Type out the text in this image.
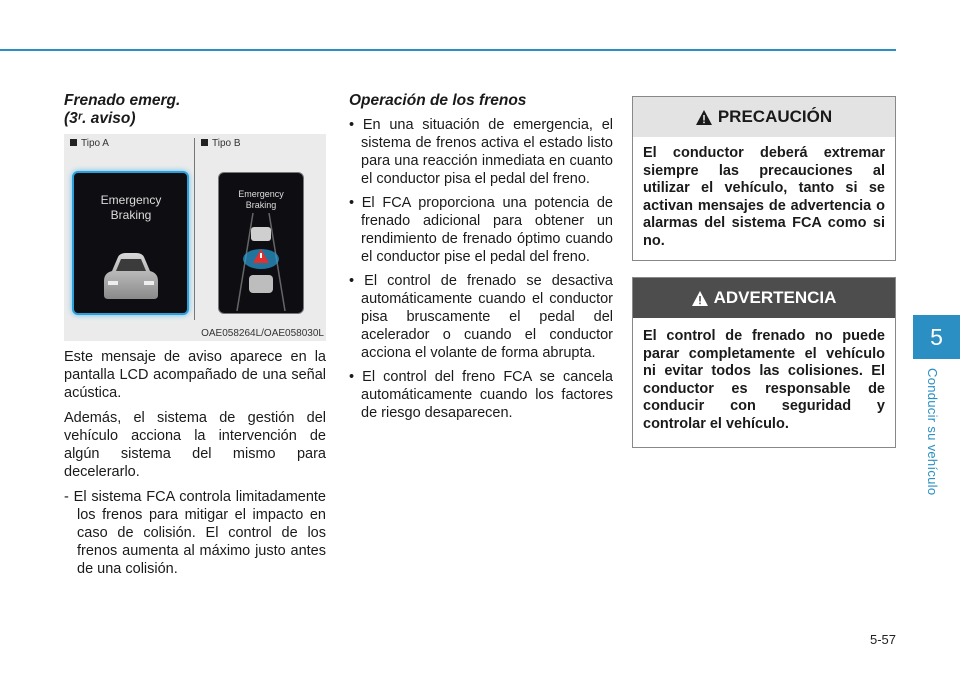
Frenado emerg.
(3ʳ. aviso)
Tipo A	Tipo B
Emergency Braking
Emergency Braking
OAE058264L/OAE058030L

Este mensaje de aviso aparece en la pantalla LCD acompañado de una señal acústica.

Además, el sistema de gestión del vehículo acciona la intervención de algún sistema del mismo para decelerarlo.

- El sistema FCA controla limitadamente los frenos para mitigar el impacto en caso de colisión. El control de los frenos aumenta al máximo justo antes de una colisión.
Operación de los frenos
• En una situación de emergencia, el sistema de frenos activa el estado listo para una reacción inmediata en cuanto el conductor pisa el pedal del freno.
• El FCA proporciona una potencia de frenado adicional para obtener un rendimiento de frenado óptimo cuando el conductor pise el pedal del freno.
• El control de frenado se desactiva automáticamente cuando el conductor pisa bruscamente el pedal del acelerador o cuando el conductor acciona el volante de forma abrupta.
• El control del freno FCA se cancela automáticamente cuando los factores de riesgo desaparecen.
PRECAUCIÓN
El conductor deberá extremar siempre las precauciones al utilizar el vehículo, tanto si se activan mensajes de advertencia o alarmas del sistema FCA como si no.
ADVERTENCIA
El control de frenado no puede parar completamente el vehículo ni evitar todos las colisiones. El conductor es responsable de conducir con seguridad y controlar el vehículo.
5
Conducir su vehículo
5-57
